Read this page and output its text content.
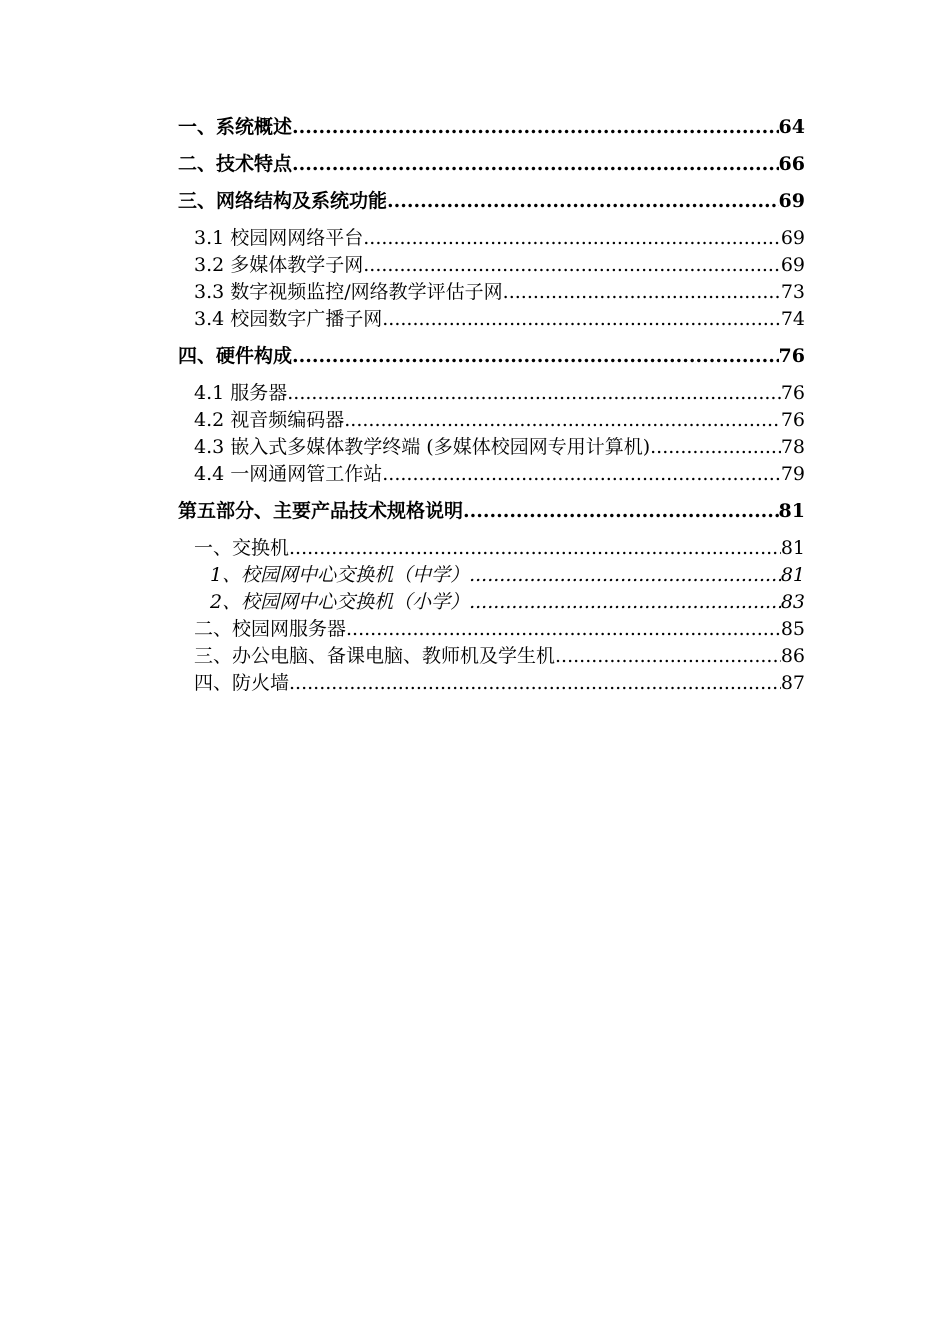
一、系统概述 .....	64
二、技术特点 .....	66
三、网络结构及系统功能 .....	69
3.1 校园网网络平台 .....	69
3.2 多媒体教学子网 .....	69
3.3 数字视频监控/网络教学评估子网 .....	73
3.4 校园数字广播子网 .....	74
四、硬件构成 .....	76
4.1 服务器 .....	76
4.2 视音频编码器 .....	76
4.3 嵌入式多媒体教学终端 (多媒体校园网专用计算机) .....	78
4.4 一网通网管工作站 .....	79
第五部分、主要产品技术规格说明 .....	81
一、交换机 .....	81
1、校园网中心交换机（中学） .....	81
2、校园网中心交换机（小学） .....	83
二、校园网服务器 .....	85
三、办公电脑、备课电脑、教师机及学生机 .....	86
四、防火墙 .....	87
